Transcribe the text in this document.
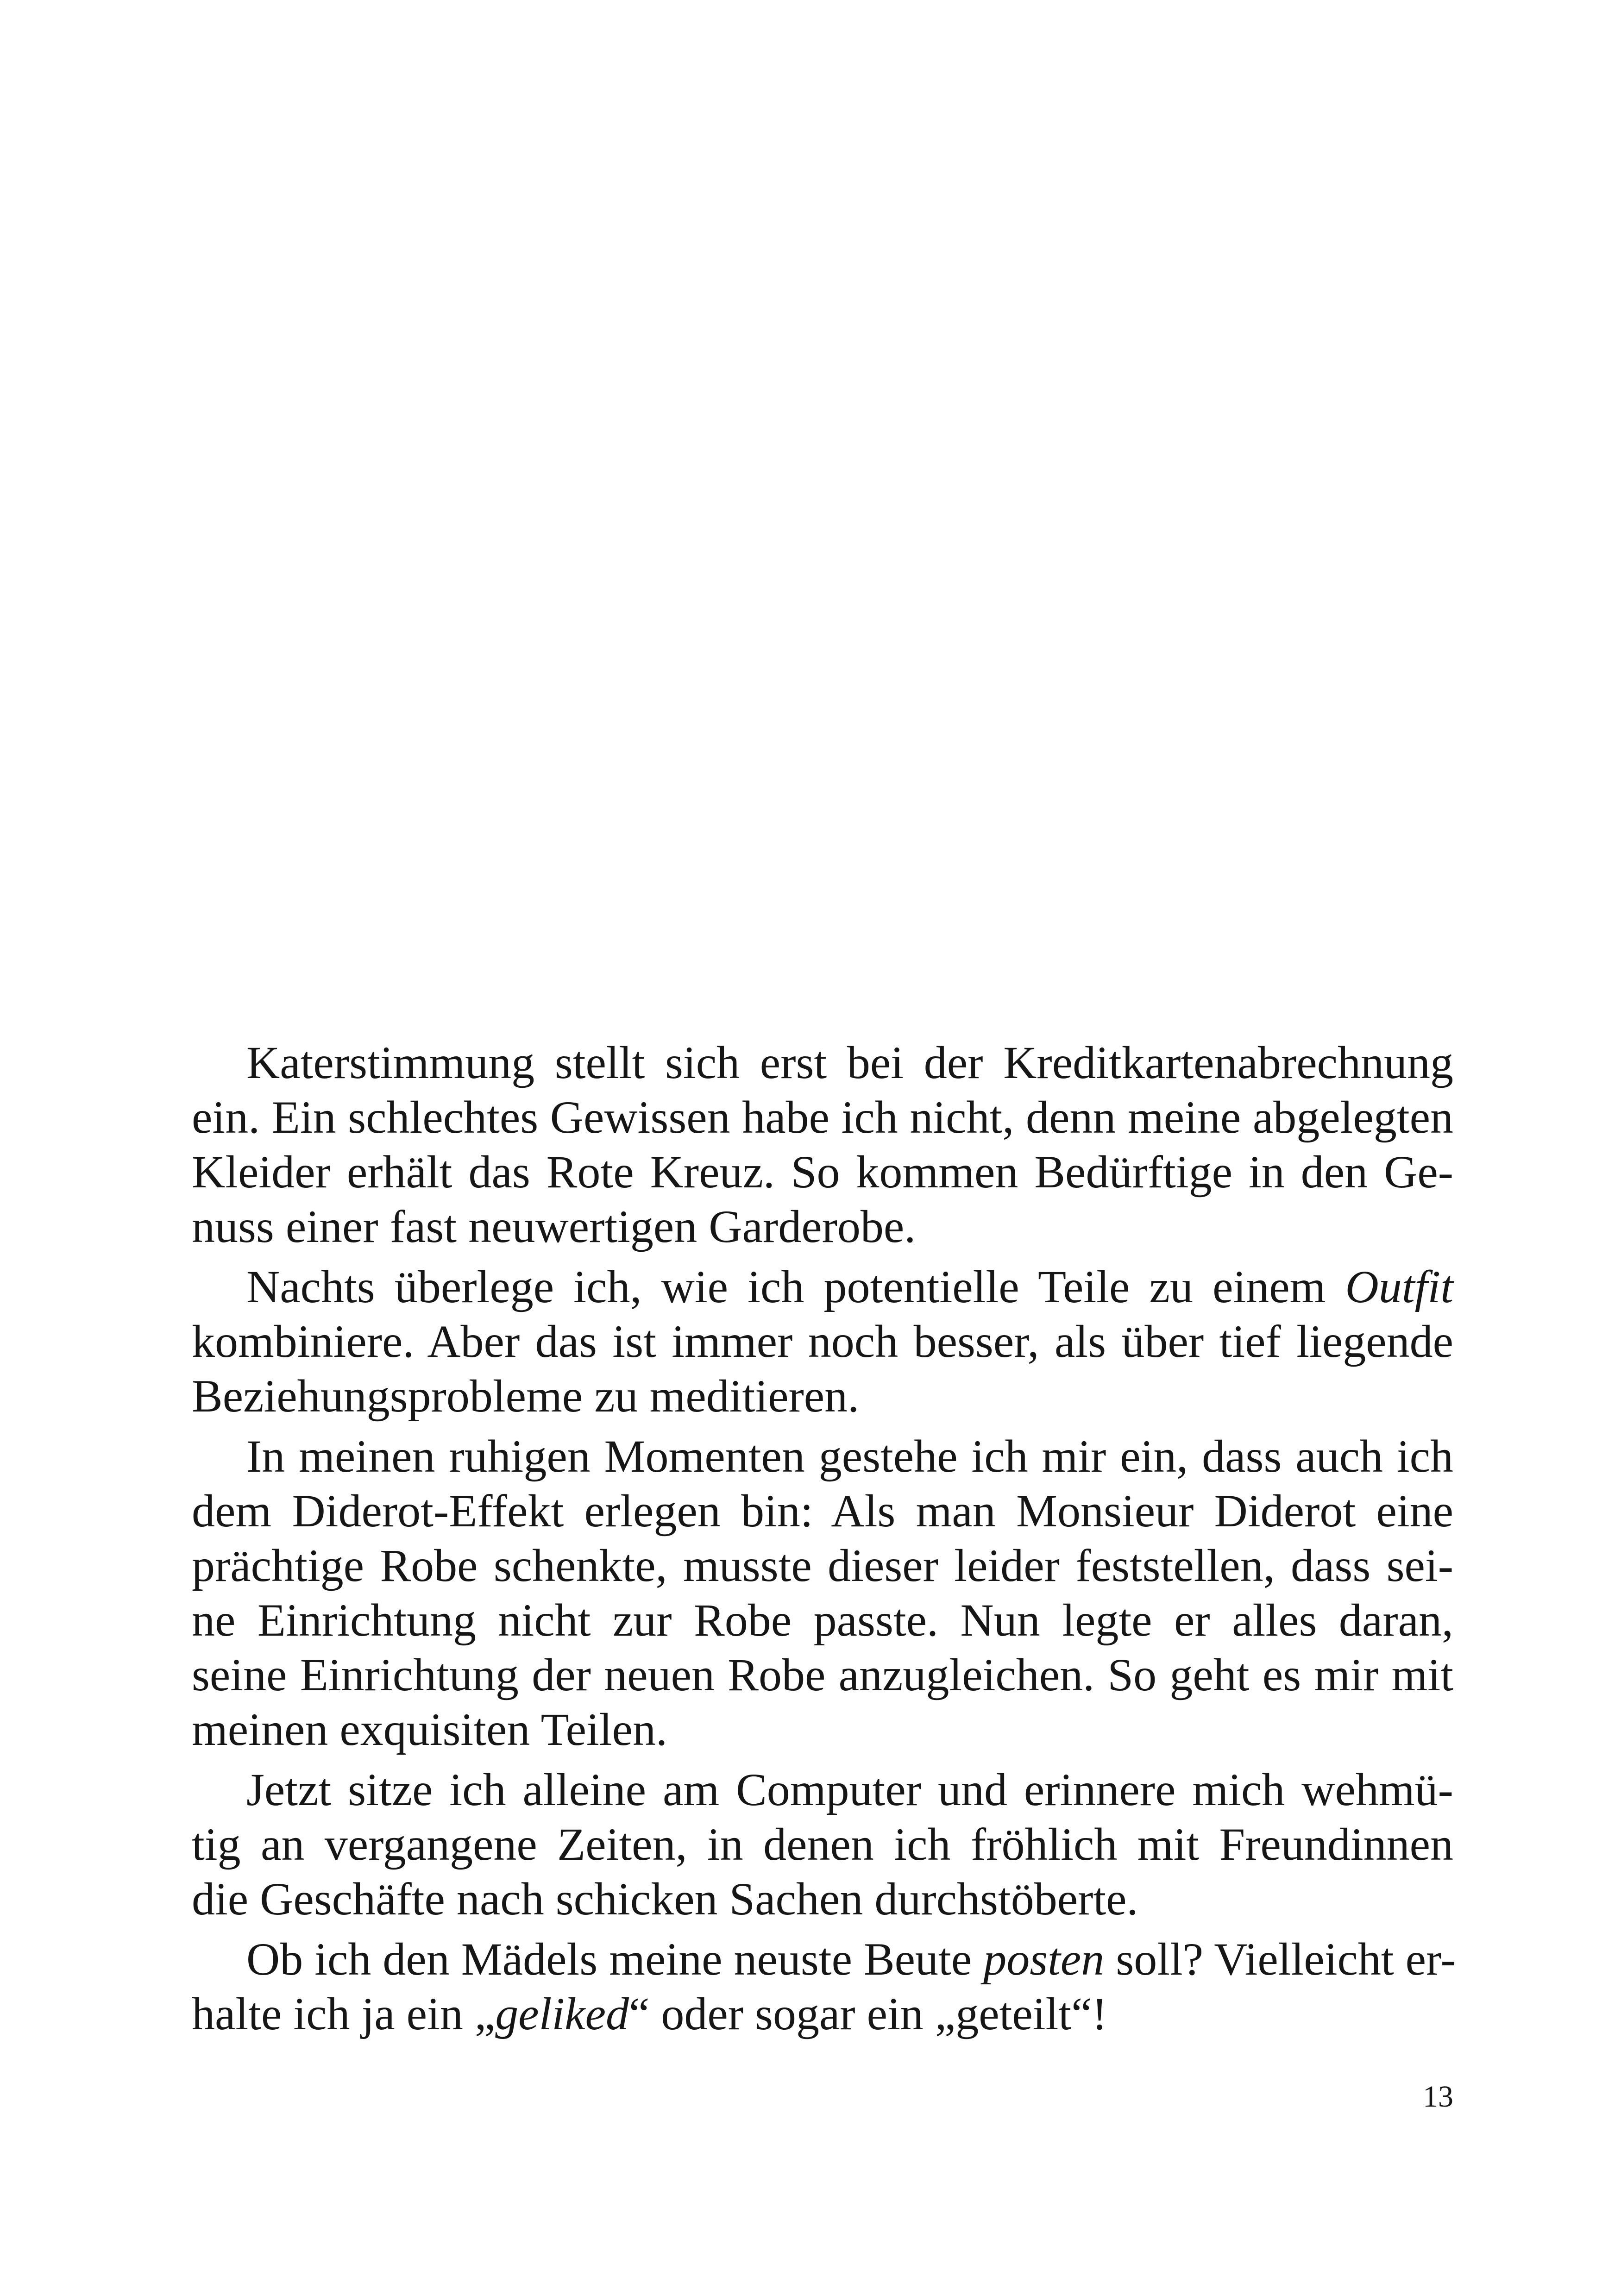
Katerstimmung stellt sich erst bei der Kreditkartenabrechnung
ein. Ein schlechtes Gewissen habe ich nicht, denn meine abgelegten
Kleider erhält das Rote Kreuz. So kommen Bedürftige in den Ge-
nuss einer fast neuwertigen Garderobe.
Nachts überlege ich, wie ich potentielle Teile zu einem Outfit
kombiniere. Aber das ist immer noch besser, als über tief liegende
Beziehungsprobleme zu meditieren.
In meinen ruhigen Momenten gestehe ich mir ein, dass auch ich
dem Diderot-Effekt erlegen bin: Als man Monsieur Diderot eine
prächtige Robe schenkte, musste dieser leider feststellen, dass sei-
ne Einrichtung nicht zur Robe passte. Nun legte er alles daran,
seine Einrichtung der neuen Robe anzugleichen. So geht es mir mit
meinen exquisiten Teilen.
Jetzt sitze ich alleine am Computer und erinnere mich wehmü-
tig an vergangene Zeiten, in denen ich fröhlich mit Freundinnen
die Geschäfte nach schicken Sachen durchstöberte.
Ob ich den Mädels meine neuste Beute posten soll? Vielleicht er-
halte ich ja ein „geliked“ oder sogar ein „geteilt“!
13
